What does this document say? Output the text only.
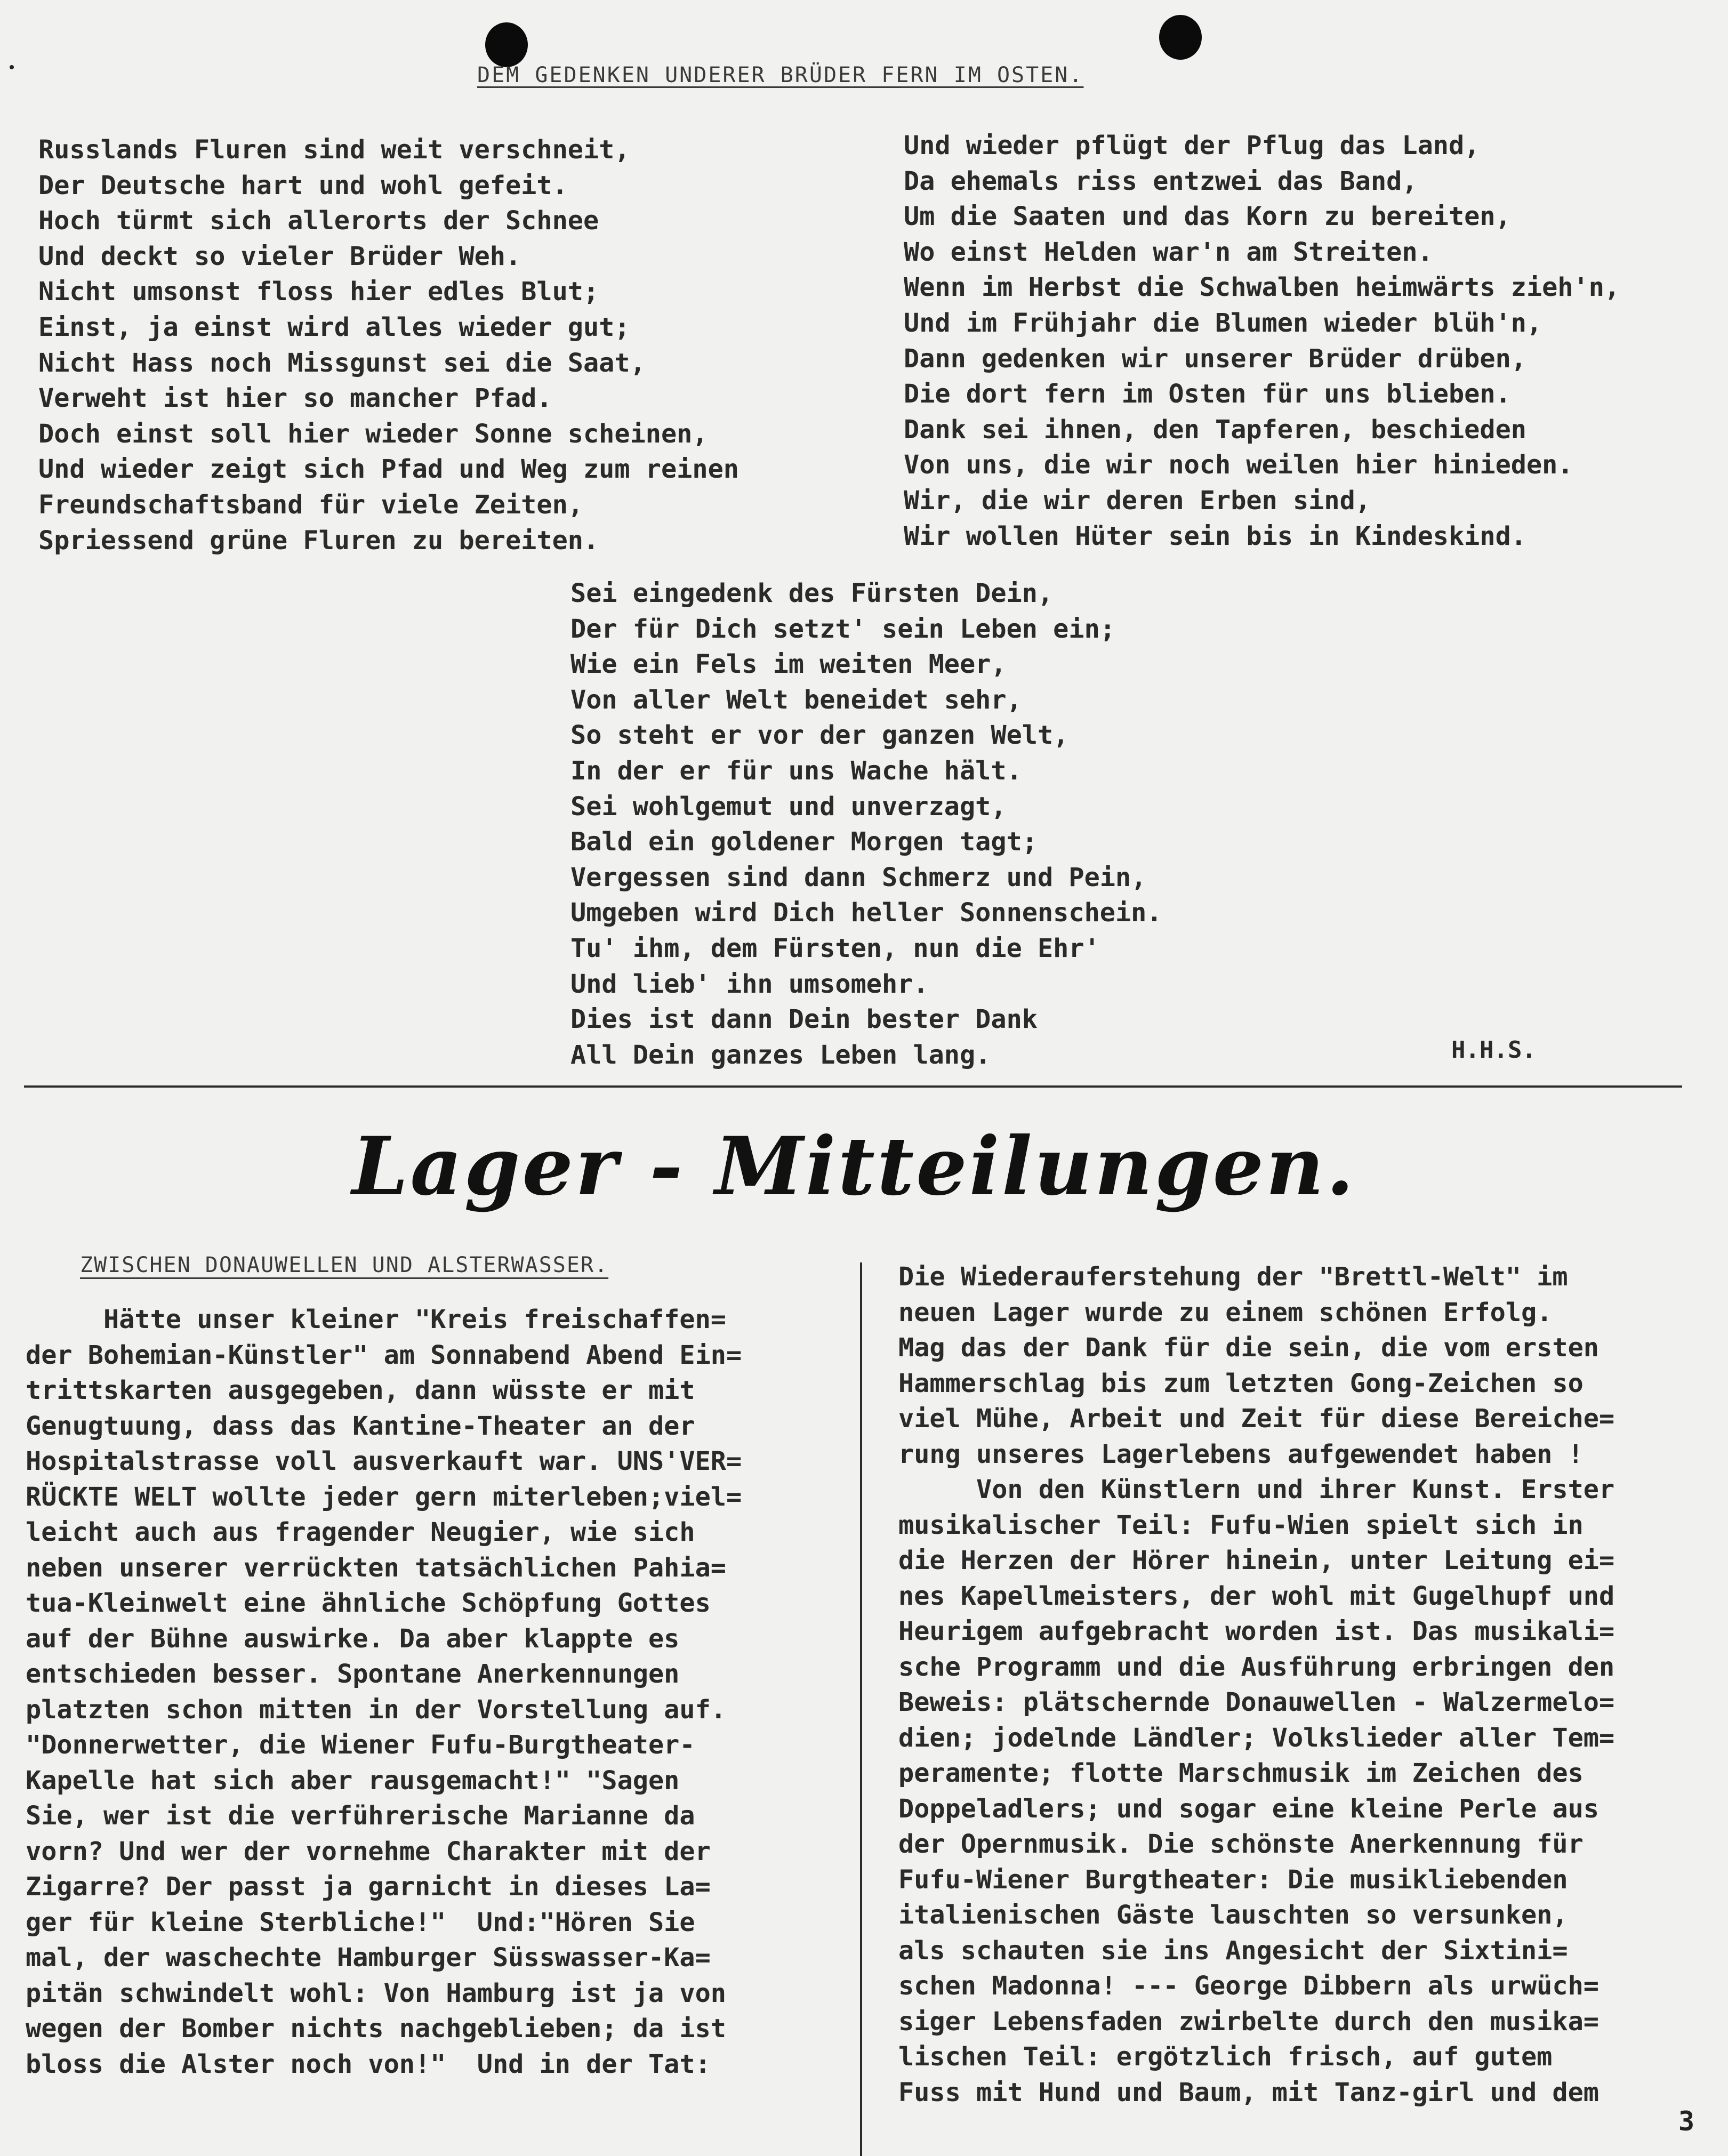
DEM GEDENKEN UNDERER BRÜDER FERN IM OSTEN.
Russlands Fluren sind weit verschneit,
Der Deutsche hart und wohl gefeit.
Hoch türmt sich allerorts der Schnee
Und deckt so vieler Brüder Weh.
Nicht umsonst floss hier edles Blut;
Einst, ja einst wird alles wieder gut;
Nicht Hass noch Missgunst sei die Saat,
Verweht ist hier so mancher Pfad.
Doch einst soll hier wieder Sonne scheinen,
Und wieder zeigt sich Pfad und Weg zum reinen
Freundschaftsband für viele Zeiten,
Spriessend grüne Fluren zu bereiten.
Und wieder pflügt der Pflug das Land,
Da ehemals riss entzwei das Band,
Um die Saaten und das Korn zu bereiten,
Wo einst Helden war'n am Streiten.
Wenn im Herbst die Schwalben heimwärts zieh'n,
Und im Frühjahr die Blumen wieder blüh'n,
Dann gedenken wir unserer Brüder drüben,
Die dort fern im Osten für uns blieben.
Dank sei ihnen, den Tapferen, beschieden
Von uns, die wir noch weilen hier hinieden.
Wir, die wir deren Erben sind,
Wir wollen Hüter sein bis in Kindeskind.
Sei eingedenk des Fürsten Dein,
Der für Dich setzt' sein Leben ein;
Wie ein Fels im weiten Meer,
Von aller Welt beneidet sehr,
So steht er vor der ganzen Welt,
In der er für uns Wache hält.
Sei wohlgemut und unverzagt,
Bald ein goldener Morgen tagt;
Vergessen sind dann Schmerz und Pein,
Umgeben wird Dich heller Sonnenschein.
Tu' ihm, dem Fürsten, nun die Ehr'
Und lieb' ihn umsomehr.
Dies ist dann Dein bester Dank
All Dein ganzes Leben lang.	H.H.S.
Lager - Mitteilungen.
ZWISCHEN DONAUWELLEN UND ALSTERWASSER.
Hätte unser kleiner "Kreis freischaffen=
der Bohemian-Künstler" am Sonnabend Abend Ein=
trittskarten ausgegeben, dann wüsste er mit
Genugtuung, dass das Kantine-Theater an der
Hospitalstrasse voll ausverkauft war. UNS'VER=
RÜCKTE WELT wollte jeder gern miterleben;viel=
leicht auch aus fragender Neugier, wie sich
neben unserer verrückten tatsächlichen Pahia=
tua-Kleinwelt eine ähnliche Schöpfung Gottes
auf der Bühne auswirke. Da aber klappte es
entschieden besser. Spontane Anerkennungen
platzten schon mitten in der Vorstellung auf.
"Donnerwetter, die Wiener Fufu-Burgtheater-
Kapelle hat sich aber rausgemacht!" "Sagen
Sie, wer ist die verführerische Marianne da
vorn? Und wer der vornehme Charakter mit der
Zigarre? Der passt ja garnicht in dieses La=
ger für kleine Sterbliche!"  Und:"Hören Sie
mal, der waschechte Hamburger Süsswasser-Ka=
pitän schwindelt wohl: Von Hamburg ist ja von
wegen der Bomber nichts nachgeblieben; da ist
bloss die Alster noch von!"  Und in der Tat:
Die Wiederauferstehung der "Brettl-Welt" im
neuen Lager wurde zu einem schönen Erfolg.
Mag das der Dank für die sein, die vom ersten
Hammerschlag bis zum letzten Gong-Zeichen so
viel Mühe, Arbeit und Zeit für diese Bereiche=
rung unseres Lagerlebens aufgewendet haben !
Von den Künstlern und ihrer Kunst. Erster
musikalischer Teil: Fufu-Wien spielt sich in
die Herzen der Hörer hinein, unter Leitung ei=
nes Kapellmeisters, der wohl mit Gugelhupf und
Heurigem aufgebracht worden ist. Das musikali=
sche Programm und die Ausführung erbringen den
Beweis: plätschernde Donauwellen - Walzermelo=
dien; jodelnde Ländler; Volkslieder aller Tem=
peramente; flotte Marschmusik im Zeichen des
Doppeladlers; und sogar eine kleine Perle aus
der Opernmusik. Die schönste Anerkennung für
Fufu-Wiener Burgtheater: Die musikliebenden
italienischen Gäste lauschten so versunken,
als schauten sie ins Angesicht der Sixtini=
schen Madonna! --- George Dibbern als urwüch=
siger Lebensfaden zwirbelte durch den musika=
lischen Teil: ergötzlich frisch, auf gutem
Fuss mit Hund und Baum, mit Tanz-girl und dem
3
